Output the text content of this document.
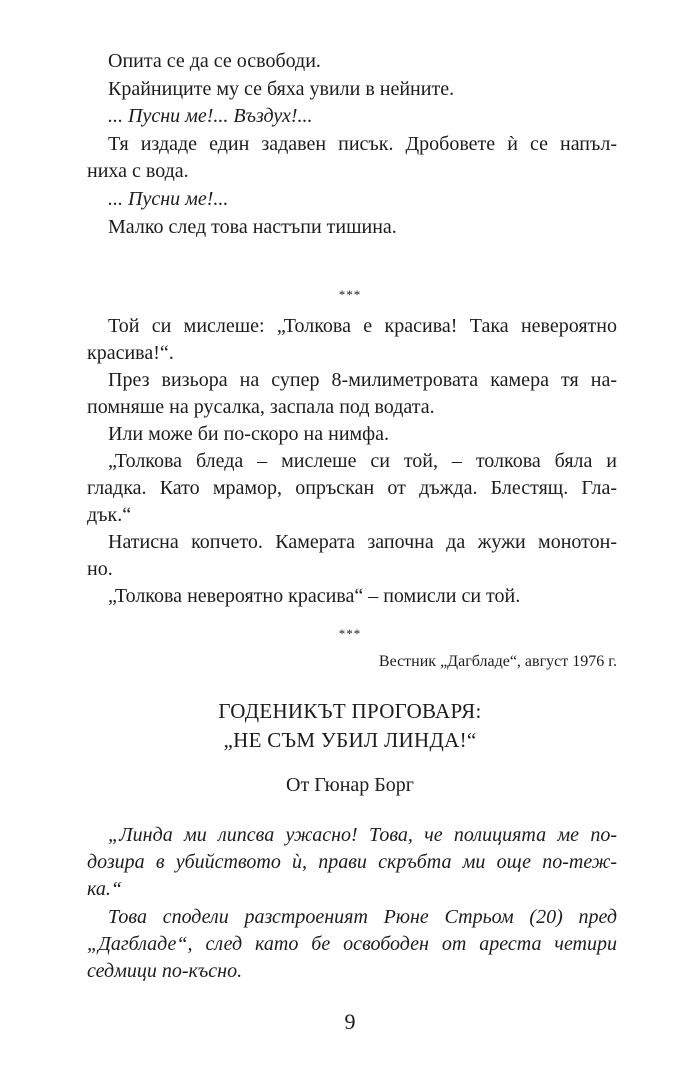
Опита се да се освободи.
Крайниците му се бяха увили в нейните.
... Пусни ме!... Въздух!...
Тя издаде един задавен писък. Дробовете ѝ се напъл-
ниха с вода.
... Пусни ме!...
Малко след това настъпи тишина.
***
Той си мислеше: „Толкова е красива! Така невероятно
красива!“.
През визьора на супер 8-милиметровата камера тя на-
помняше на русалка, заспала под водата.
Или може би по-скоро на нимфа.
„Толкова бледа – мислеше си той, – толкова бяла и
гладка. Като мрамор, опръскан от дъжда. Блестящ. Гла-
дък.“
Натисна копчето. Камерата започна да жужи монотон-
но.
„Толкова невероятно красива“ – помисли си той.
***
Вестник „Дагбладе“, август 1976 г.
ГОДЕНИКЪТ ПРОГОВАРЯ:
„НЕ СЪМ УБИЛ ЛИНДА!“
От Гюнар Борг
„Линда ми липсва ужасно! Това, че полицията ме по-
дозира в убийството ѝ, прави скръбта ми още по-теж-
ка.“
Това сподели разстроеният Рюне Стрьом (20) пред
„Дагбладе“, след като бе освободен от ареста четири
седмици по-късно.
9
